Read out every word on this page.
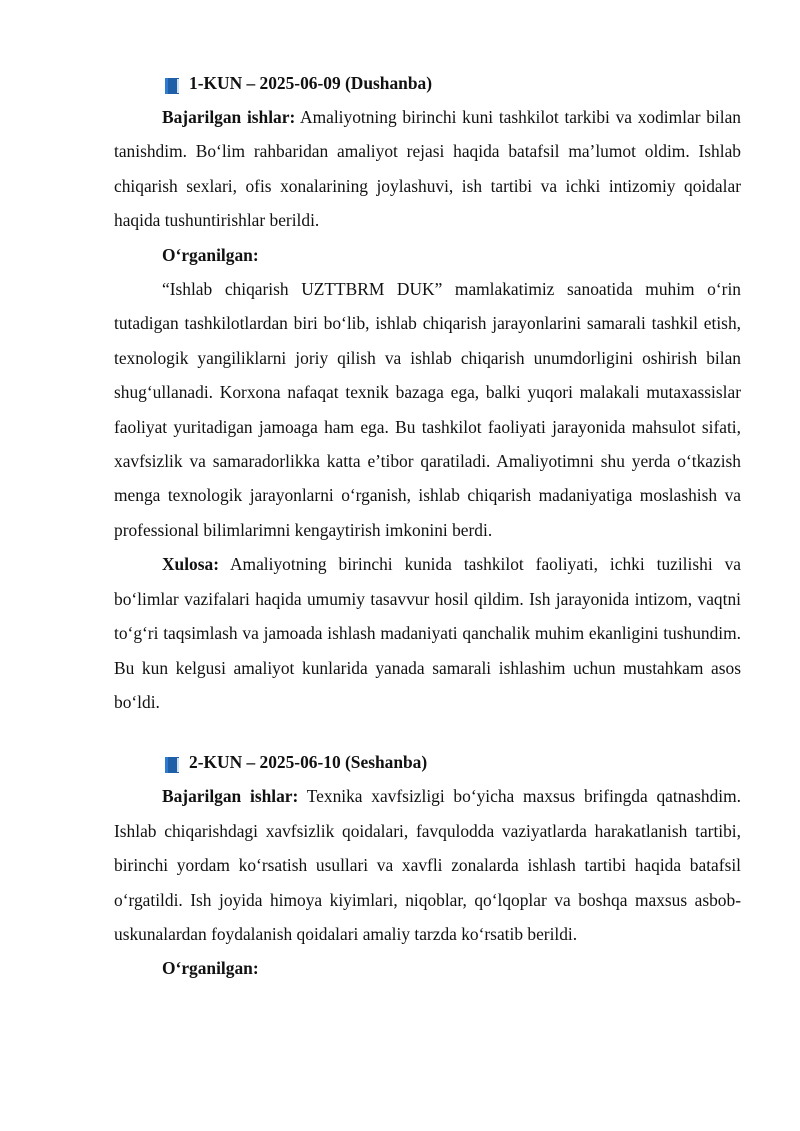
1-KUN – 2025-06-09 (Dushanba)

Bajarilgan ishlar: Amaliyotning birinchi kuni tashkilot tarkibi va xodimlar bilan tanishdim. Bo‘lim rahbaridan amaliyot rejasi haqida batafsil ma’lumot oldim. Ishlab chiqarish sexlari, ofis xonalarining joylashuvi, ish tartibi va ichki intizomiy qoidalar haqida tushuntirishlar berildi.

O‘rganilgan:

“Ishlab chiqarish UZTTBRM DUK” mamlakatimiz sanoatida muhim o‘rin tutadigan tashkilotlardan biri bo‘lib, ishlab chiqarish jarayonlarini samarali tashkil etish, texnologik yangiliklarni joriy qilish va ishlab chiqarish unumdorligini oshirish bilan shug‘ullanadi. Korxona nafaqat texnik bazaga ega, balki yuqori malakali mutaxassislar faoliyat yuritadigan jamoaga ham ega. Bu tashkilot faoliyati jarayonida mahsulot sifati, xavfsizlik va samaradorlikka katta e’tibor qaratiladi. Amaliyotimni shu yerda o‘tkazish menga texnologik jarayonlarni o‘rganish, ishlab chiqarish madaniyatiga moslashish va professional bilimlarimni kengaytirish imkonini berdi.

Xulosa: Amaliyotning birinchi kunida tashkilot faoliyati, ichki tuzilishi va bo‘limlar vazifalari haqida umumiy tasavvur hosil qildim. Ish jarayonida intizom, vaqtni to‘g‘ri taqsimlash va jamoada ishlash madaniyati qanchalik muhim ekanligini tushundim. Bu kun kelgusi amaliyot kunlarida yanada samarali ishlashim uchun mustahkam asos bo‘ldi.

2-KUN – 2025-06-10 (Seshanba)

Bajarilgan ishlar: Texnika xavfsizligi bo‘yicha maxsus brifingda qatnashdim. Ishlab chiqarishdagi xavfsizlik qoidalari, favqulodda vaziyatlarda harakatlanish tartibi, birinchi yordam ko‘rsatish usullari va xavfli zonalarda ishlash tartibi haqida batafsil o‘rgatildi. Ish joyida himoya kiyimlari, niqoblar, qo‘lqoplar va boshqa maxsus asbob-uskunalardan foydalanish qoidalari amaliy tarzda ko‘rsatib berildi.

O‘rganilgan:
